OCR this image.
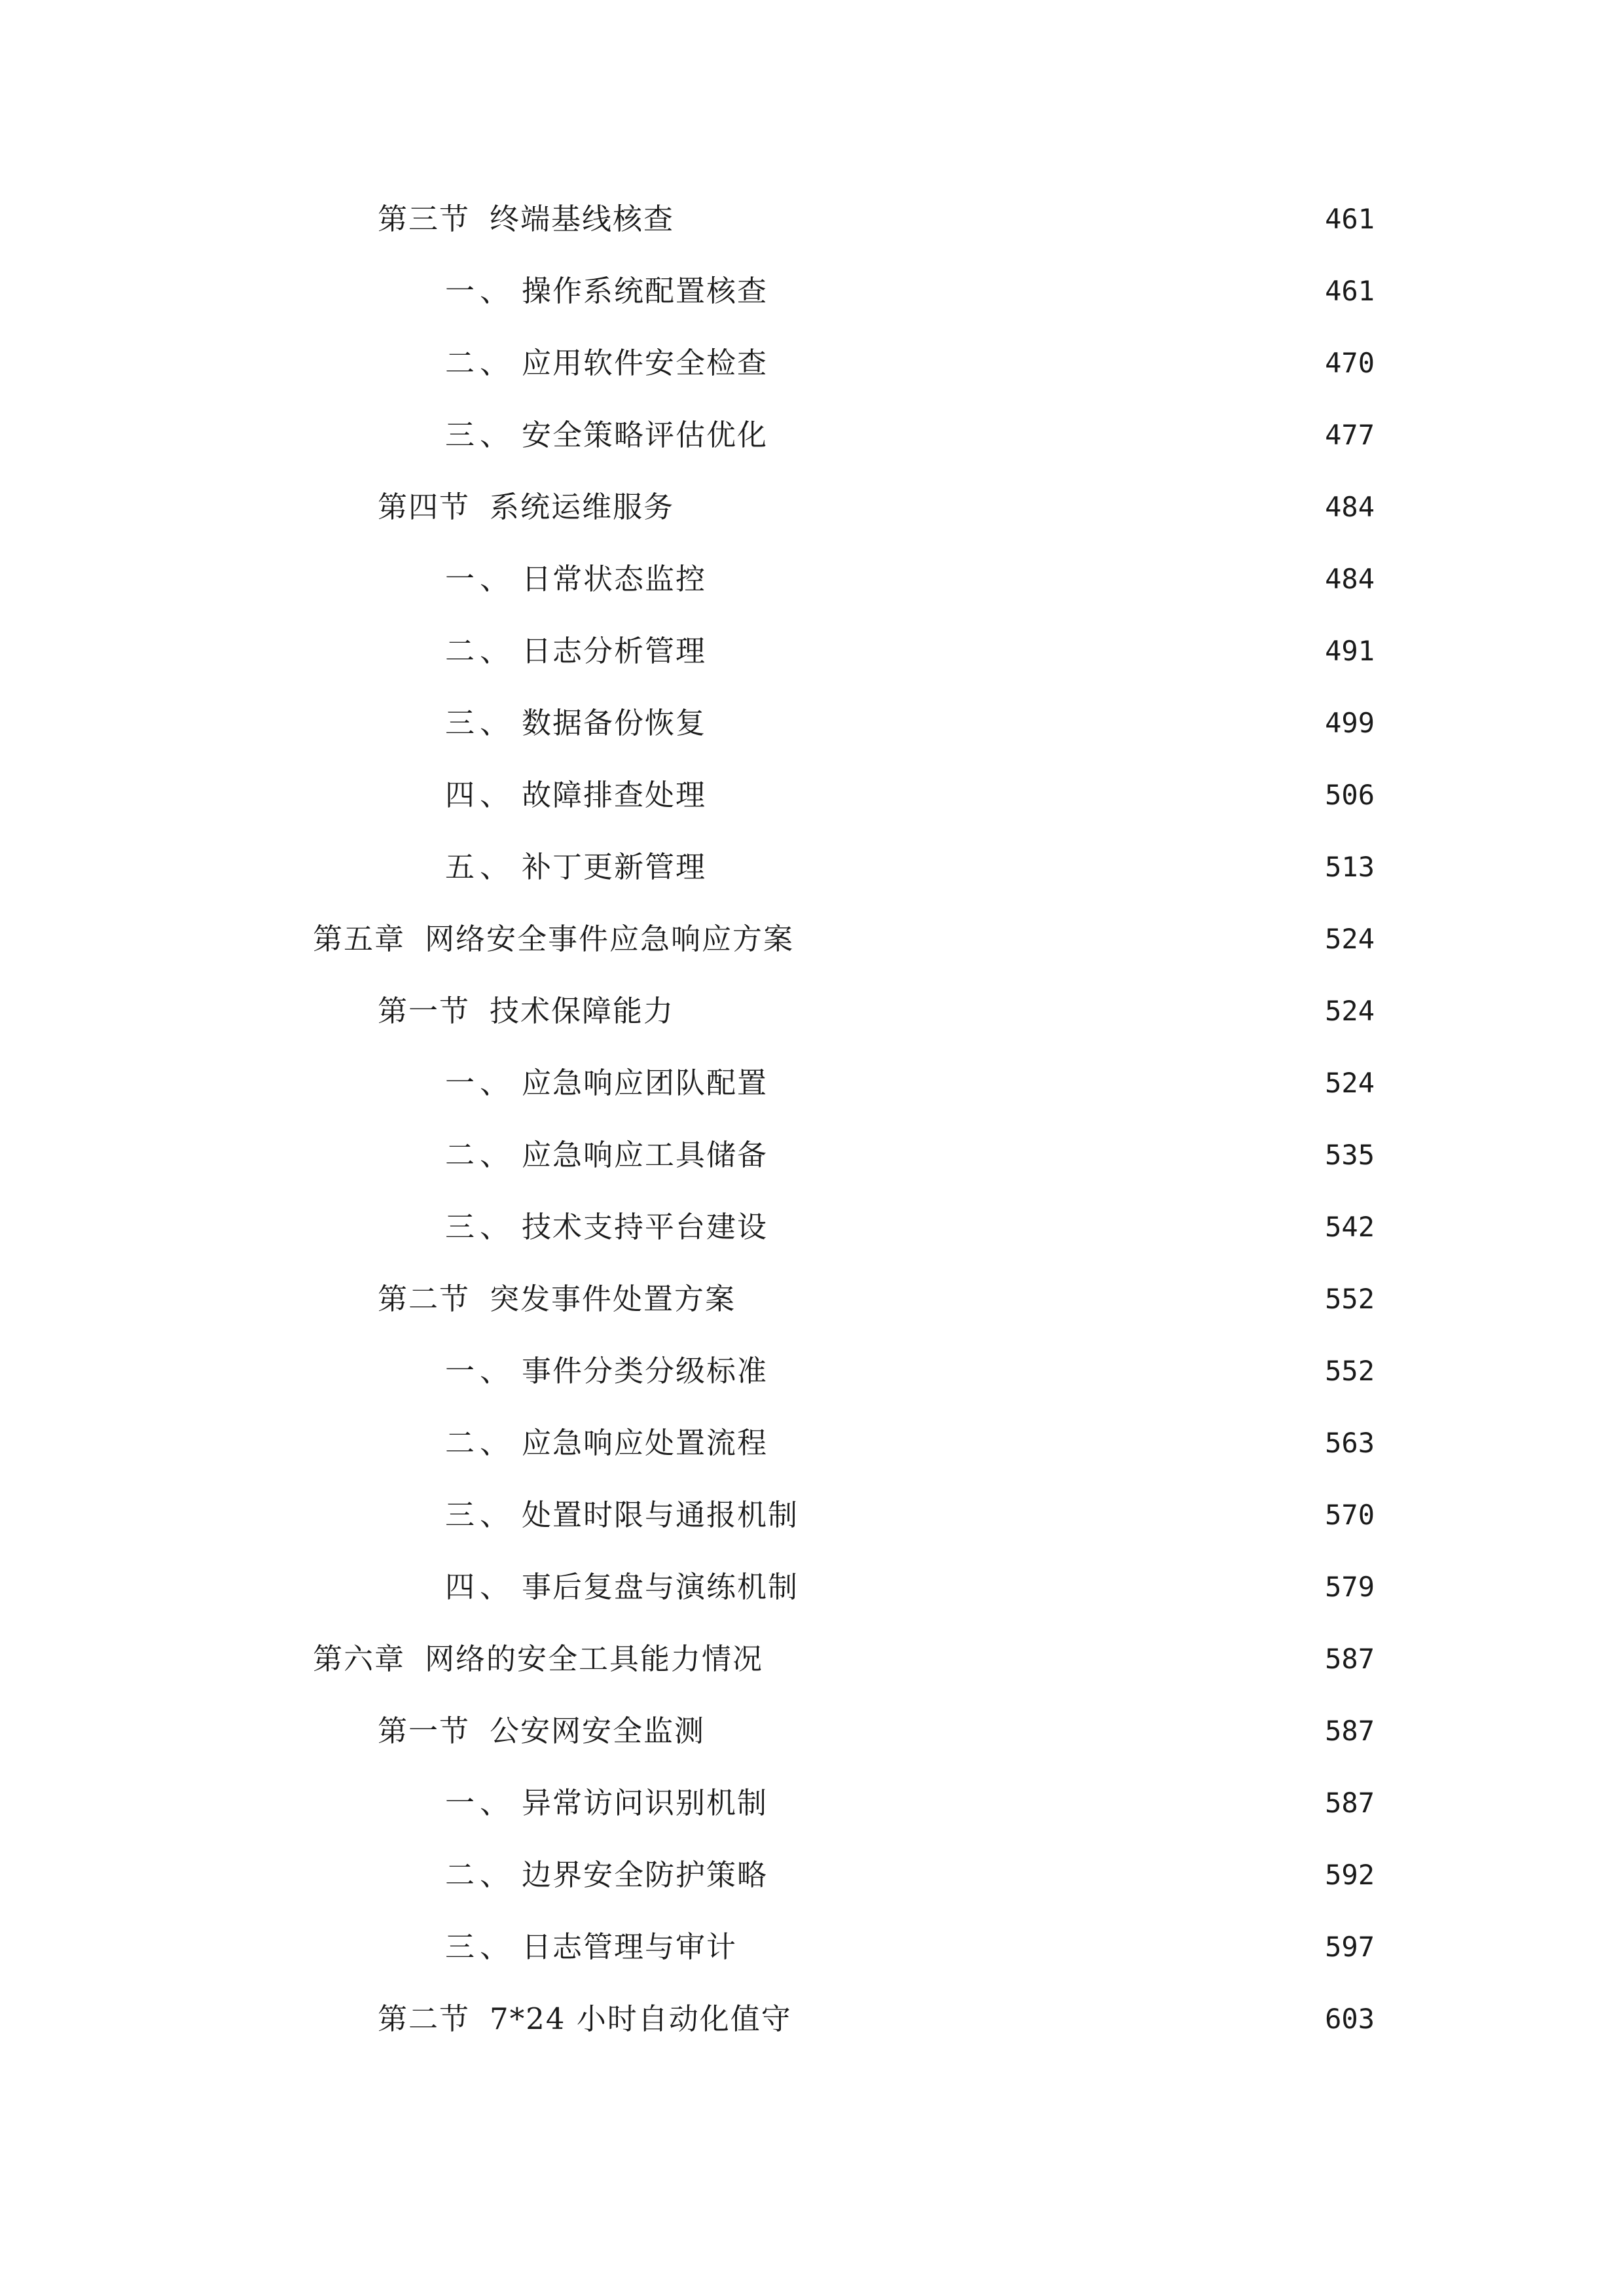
第三节 终端基线核查	461
一、 操作系统配置核查	461
二、 应用软件安全检查	470
三、 安全策略评估优化	477
第四节 系统运维服务	484
一、 日常状态监控	484
二、 日志分析管理	491
三、 数据备份恢复	499
四、 故障排查处理	506
五、 补丁更新管理	513
第五章 网络安全事件应急响应方案	524
第一节 技术保障能力	524
一、 应急响应团队配置	524
二、 应急响应工具储备	535
三、 技术支持平台建设	542
第二节 突发事件处置方案	552
一、 事件分类分级标准	552
二、 应急响应处置流程	563
三、 处置时限与通报机制	570
四、 事后复盘与演练机制	579
第六章 网络的安全工具能力情况	587
第一节 公安网安全监测	587
一、 异常访问识别机制	587
二、 边界安全防护策略	592
三、 日志管理与审计	597
第二节 7*24 小时自动化值守	603
